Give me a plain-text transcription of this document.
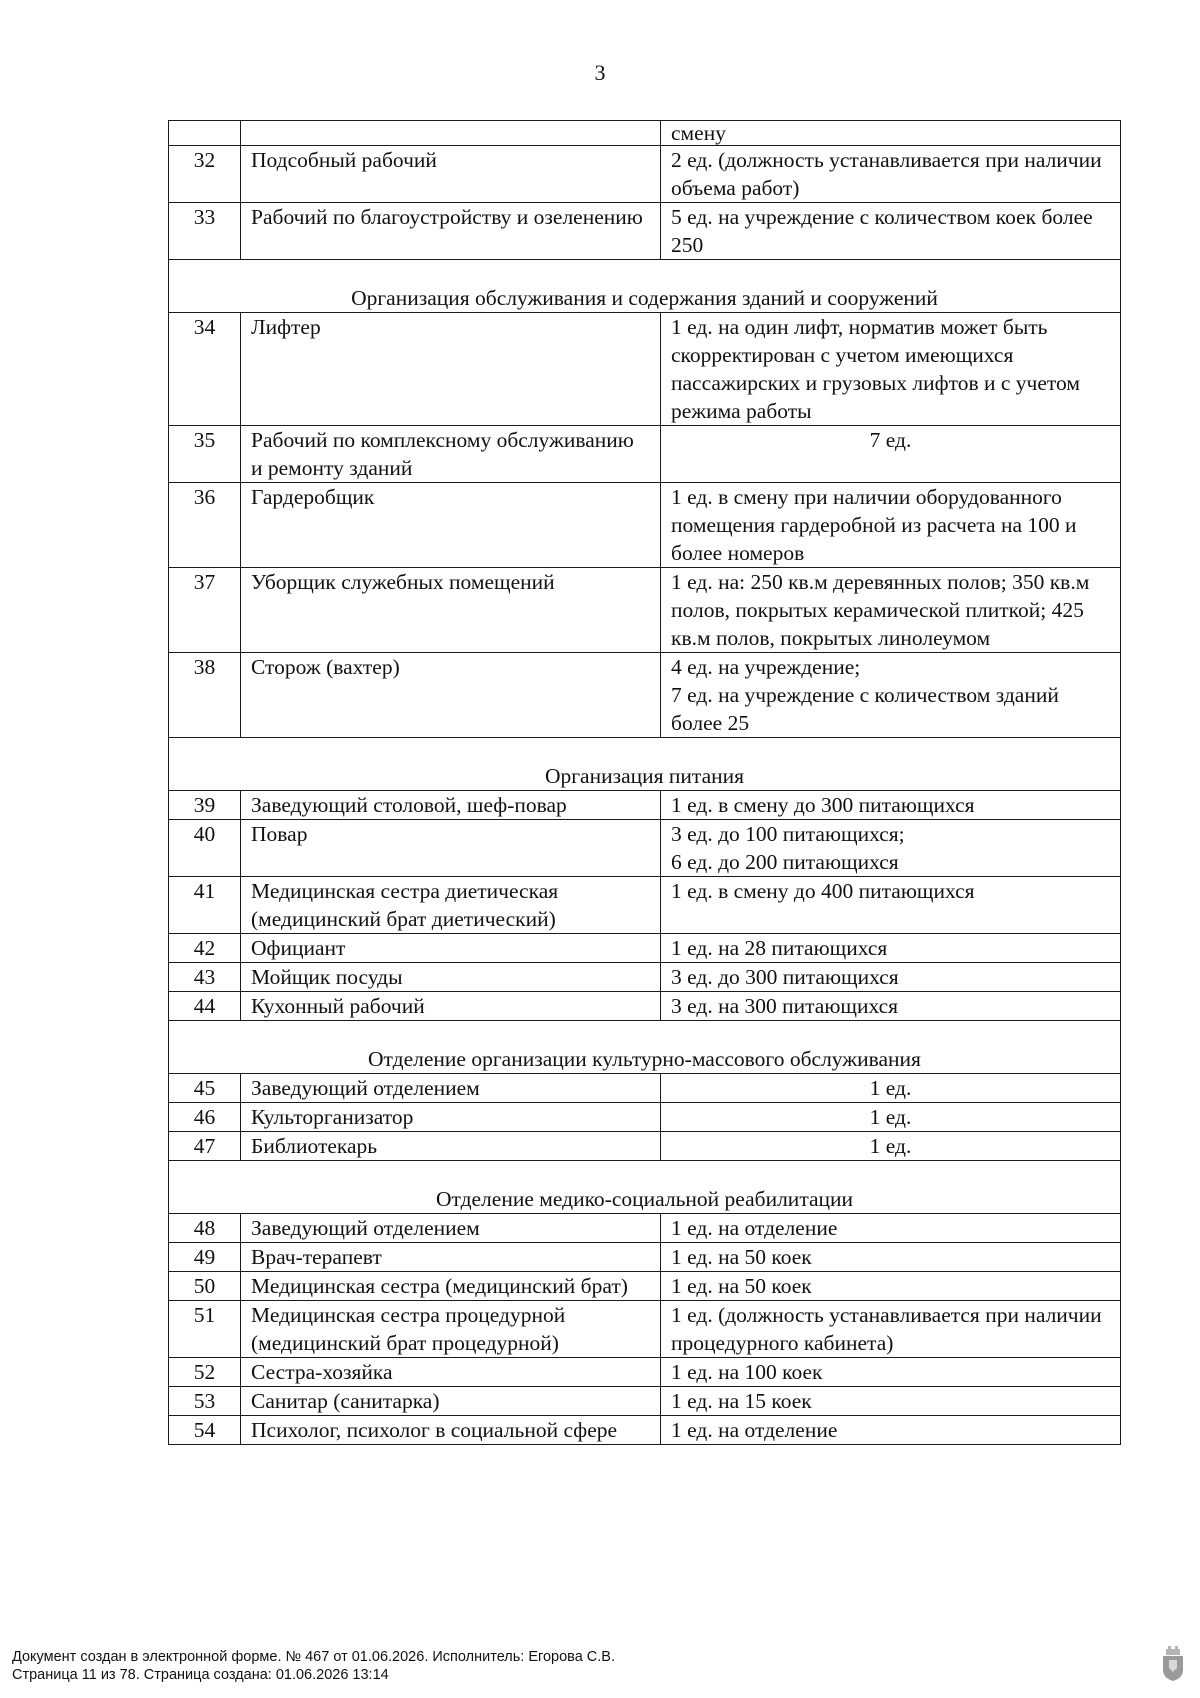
3
		смену
32	Подсобный рабочий	2 ед. (должность устанавливается при наличии объема работ)
33	Рабочий по благоустройству и озеленению	5 ед. на учреждение с количеством коек более 250
Организация обслуживания и содержания зданий и сооружений		
34	Лифтер	1 ед. на один лифт, норматив может быть скорректирован с учетом имеющихся пассажирских и грузовых лифтов и с учетом режима работы
35	Рабочий по комплексному обслуживанию и ремонту зданий	7 ед.
36	Гардеробщик	1 ед. в смену при наличии оборудованного помещения гардеробной из расчета на 100 и более номеров
37	Уборщик служебных помещений	1 ед. на: 250 кв.м деревянных полов; 350 кв.м полов, покрытых керамической плиткой; 425 кв.м полов, покрытых линолеумом
38	Сторож (вахтер)	4 ед. на учреждение;
7 ед. на учреждение с количеством зданий более 25
Организация питания		
39	Заведующий столовой, шеф-повар	1 ед. в смену до 300 питающихся
40	Повар	3 ед. до 100 питающихся;
6 ед. до 200 питающихся
41	Медицинская сестра диетическая (медицинский брат диетический)	1 ед. в смену до 400 питающихся
42	Официант	1 ед. на 28 питающихся
43	Мойщик посуды	3 ед. до 300 питающихся
44	Кухонный рабочий	3 ед. на 300 питающихся
Отделение организации культурно-массового обслуживания		
45	Заведующий отделением	1 ед.
46	Культорганизатор	1 ед.
47	Библиотекарь	1 ед.
Отделение медико-социальной реабилитации		
48	Заведующий отделением	1 ед. на отделение
49	Врач-терапевт	1 ед. на 50 коек
50	Медицинская сестра (медицинский брат)	1 ед. на 50 коек
51	Медицинская сестра процедурной (медицинский брат процедурной)	1 ед. (должность устанавливается при наличии процедурного кабинета)
52	Сестра-хозяйка	1 ед. на 100 коек
53	Санитар (санитарка)	1 ед. на 15 коек
54	Психолог, психолог в социальной сфере	1 ед. на отделение
Документ создан в электронной форме. № 467 от 01.06.2026. Исполнитель: Егорова С.В.
Страница 11 из 78. Страница создана: 01.06.2026 13:14
